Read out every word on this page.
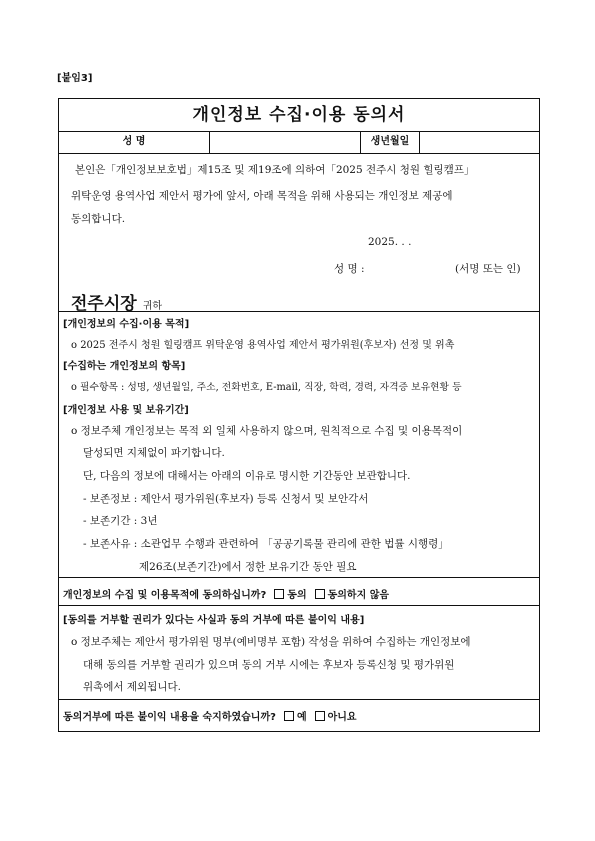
[붙임3]
개인정보 수집·이용 동의서
성 명	생년월일
본인은「개인정보보호법」제15조 및 제19조에 의하여「2025 전주시 청원 힐링캠프」
위탁운영 용역사업 제안서 평가에 앞서, 아래 목적을 위해 사용되는 개인정보 제공에
동의합니다.
2025. . .
성 명 :	(서명 또는 인)
전주시장 귀하
[개인정보의 수집·이용 목적]
o 2025 전주시 청원 힐링캠프 위탁운영 용역사업 제안서 평가위원(후보자) 선정 및 위촉
[수집하는 개인정보의 항목]
o 필수항목 : 성명, 생년월일, 주소, 전화번호, E-mail, 직장, 학력, 경력, 자격증 보유현황 등
[개인정보 사용 및 보유기간]
o 정보주체 개인정보는 목적 외 일체 사용하지 않으며, 원칙적으로 수집 및 이용목적이
달성되면 지체없이 파기합니다.
단, 다음의 정보에 대해서는 아래의 이유로 명시한 기간동안 보관합니다.
- 보존정보 : 제안서 평가위원(후보자) 등록 신청서 및 보안각서
- 보존기간 : 3년
- 보존사유 : 소관업무 수행과 관련하여 「공공기록물 관리에 관한 법률 시행령」
제26조(보존기간)에서 정한 보유기간 동안 필요
개인정보의 수집 및 이용목적에 동의하십니까? 동의 동의하지 않음
[동의를 거부할 권리가 있다는 사실과 동의 거부에 따른 불이익 내용]
o 정보주체는 제안서 평가위원 명부(예비명부 포함) 작성을 위하여 수집하는 개인정보에
대해 동의를 거부할 권리가 있으며 동의 거부 시에는 후보자 등록신청 및 평가위원
위촉에서 제외됩니다.
동의거부에 따른 불이익 내용을 숙지하였습니까? 예 아니요
